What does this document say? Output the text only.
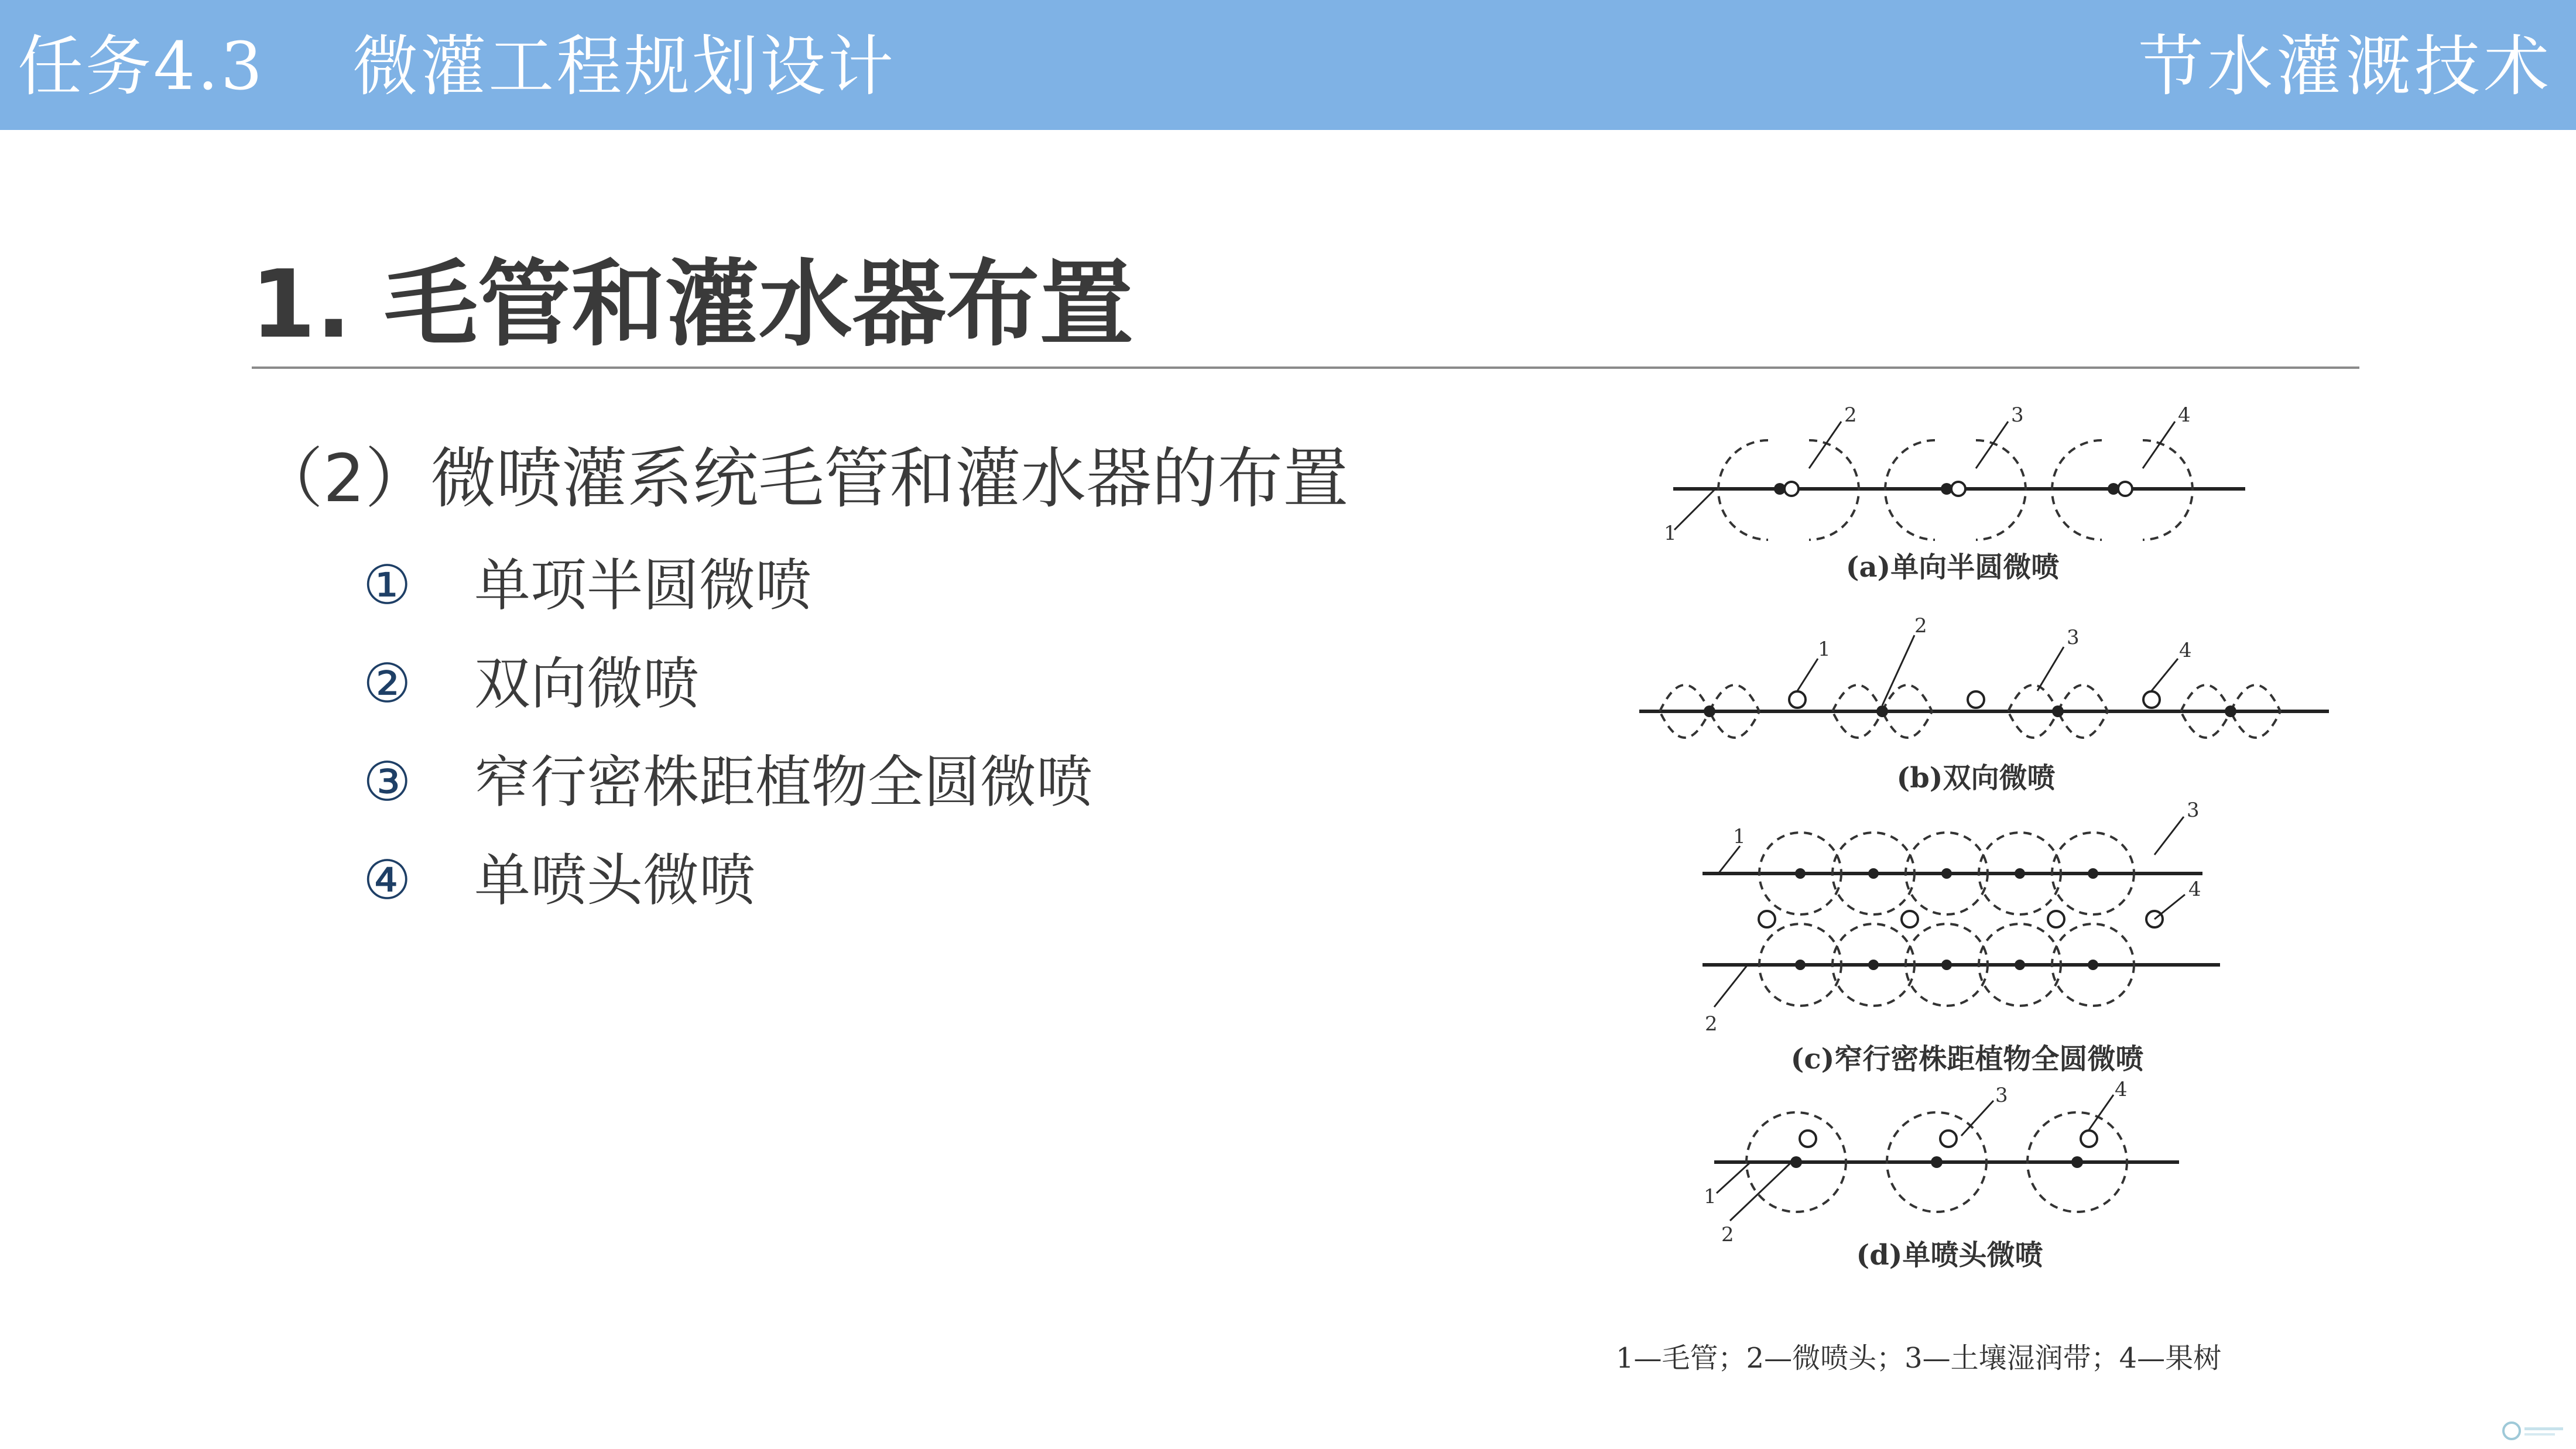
任务4.3 微灌工程规划设计	节水灌溉技术
1. 毛管和灌水器布置
（2）微喷灌系统毛管和灌水器的布置
① 单项半圆微喷
② 双向微喷
③ 窄行密株距植物全圆微喷
④ 单喷头微喷
1
2	3	4
(a)单向半圆微喷
1
2	3
4
(b)双向微喷
1
3
4
2
(c)窄行密株距植物全圆微喷
1
2
3	4
(d)单喷头微喷
1—毛管；2—微喷头；3—土壤湿润带；4—果树
